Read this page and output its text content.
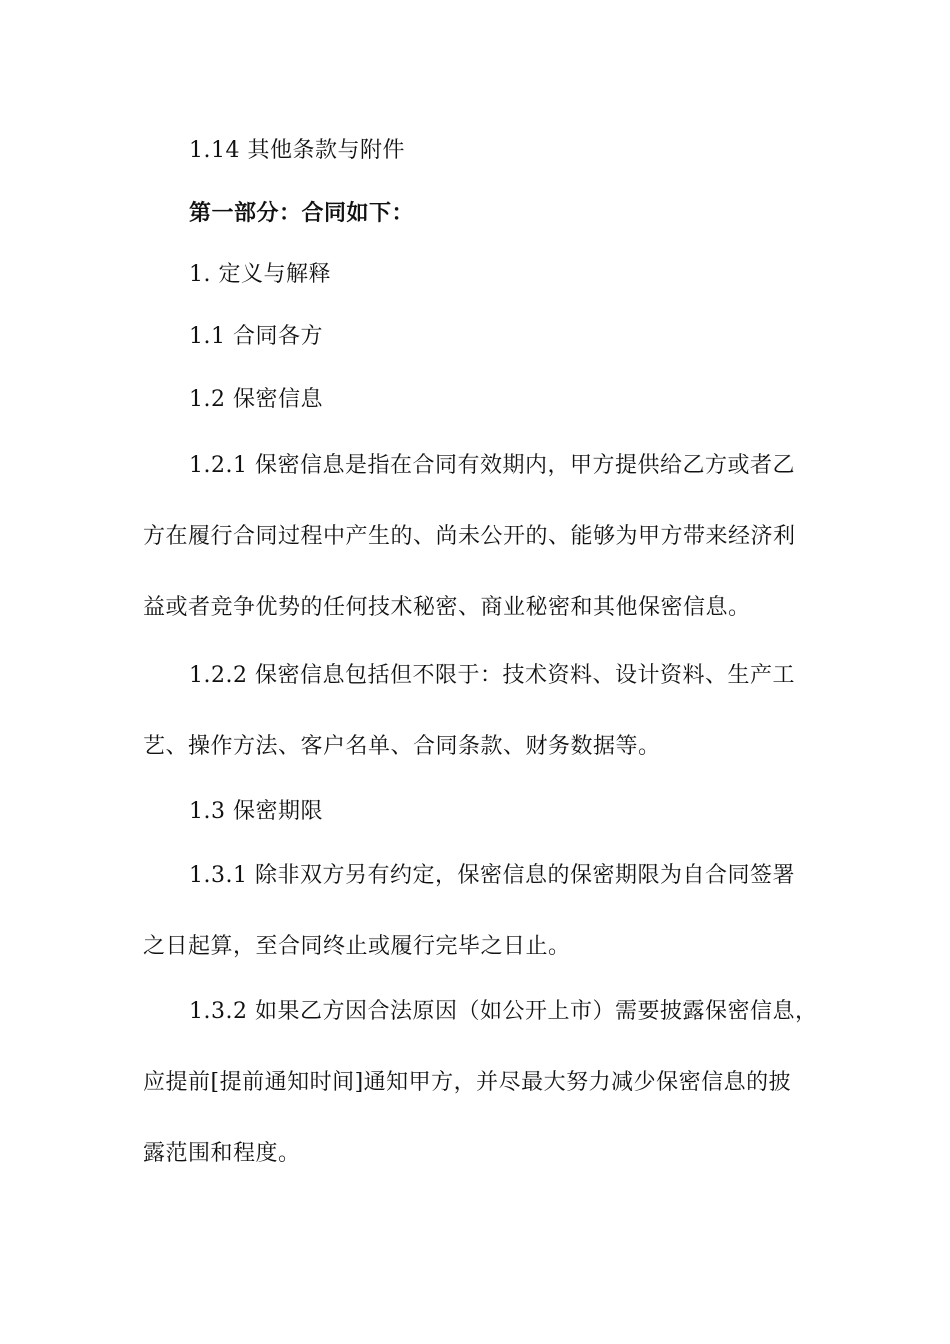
1.14 其他条款与附件
第一部分：合同如下：
1. 定义与解释
1.1 合同各方
1.2 保密信息
1.2.1 保密信息是指在合同有效期内，甲方提供给乙方或者乙
方在履行合同过程中产生的、尚未公开的、能够为甲方带来经济利
益或者竞争优势的任何技术秘密、商业秘密和其他保密信息。
1.2.2 保密信息包括但不限于：技术资料、设计资料、生产工
艺、操作方法、客户名单、合同条款、财务数据等。
1.3 保密期限
1.3.1 除非双方另有约定，保密信息的保密期限为自合同签署
之日起算，至合同终止或履行完毕之日止。
1.3.2 如果乙方因合法原因（如公开上市）需要披露保密信息，
应提前[提前通知时间]通知甲方，并尽最大努力减少保密信息的披
露范围和程度。
